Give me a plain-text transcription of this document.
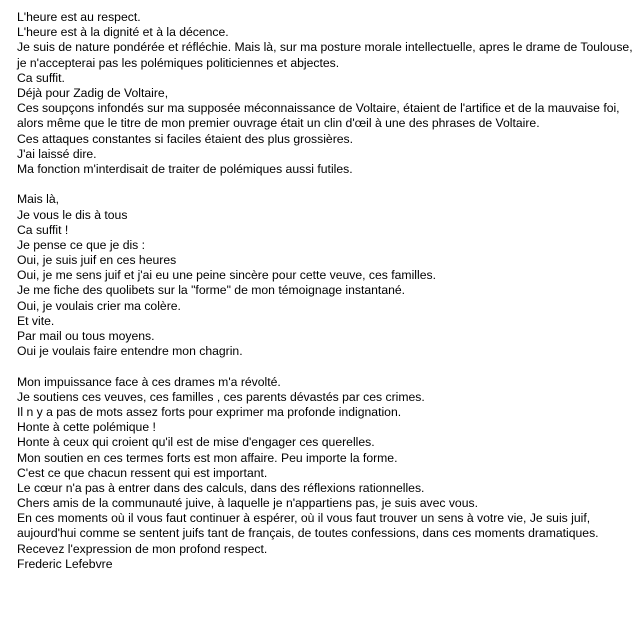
L'heure est au respect.
L'heure est à la dignité et à la décence.
Je suis de nature pondérée et réfléchie. Mais là, sur ma posture morale intellectuelle, apres le drame de Toulouse, je n'accepterai pas les polémiques politiciennes et abjectes.
Ca suffit.
Déjà pour Zadig de Voltaire,
Ces soupçons infondés sur ma supposée méconnaissance de Voltaire, étaient de l'artifice et de la mauvaise foi, alors même que le titre de mon premier ouvrage était un clin d'œil à une des phrases de Voltaire.
Ces attaques constantes si faciles étaient des plus grossières.
J'ai laissé dire.
Ma fonction m'interdisait de traiter de polémiques aussi futiles.
Mais là,
Je vous le dis à tous
Ca suffit !
Je pense ce que je dis :
Oui, je suis juif en ces heures
Oui, je me sens juif et j'ai eu une peine sincère pour cette veuve, ces familles.
Je me fiche des quolibets sur la "forme" de mon témoignage instantané.
Oui, je voulais crier ma colère.
Et vite.
Par mail ou tous moyens.
Oui je voulais faire entendre mon chagrin.
Mon impuissance face à ces drames m'a révolté.
Je soutiens ces veuves, ces familles , ces parents dévastés par ces crimes.
Il n y a pas de mots assez forts pour exprimer ma profonde indignation.
Honte à cette polémique !
Honte à ceux qui croient qu'il est de mise d'engager ces querelles.
Mon soutien en ces termes forts est mon affaire. Peu importe la forme.
C'est ce que chacun ressent qui est important.
Le cœur n'a pas à entrer dans des calculs, dans des réflexions rationnelles.
Chers amis de la communauté juive, à laquelle je n'appartiens pas, je suis avec vous.
En ces moments où il vous faut continuer à espérer, où il vous faut trouver un sens à votre vie, Je suis juif, aujourd'hui comme se sentent juifs tant de français, de toutes confessions, dans ces moments dramatiques.
Recevez l'expression de mon profond respect.
Frederic Lefebvre
